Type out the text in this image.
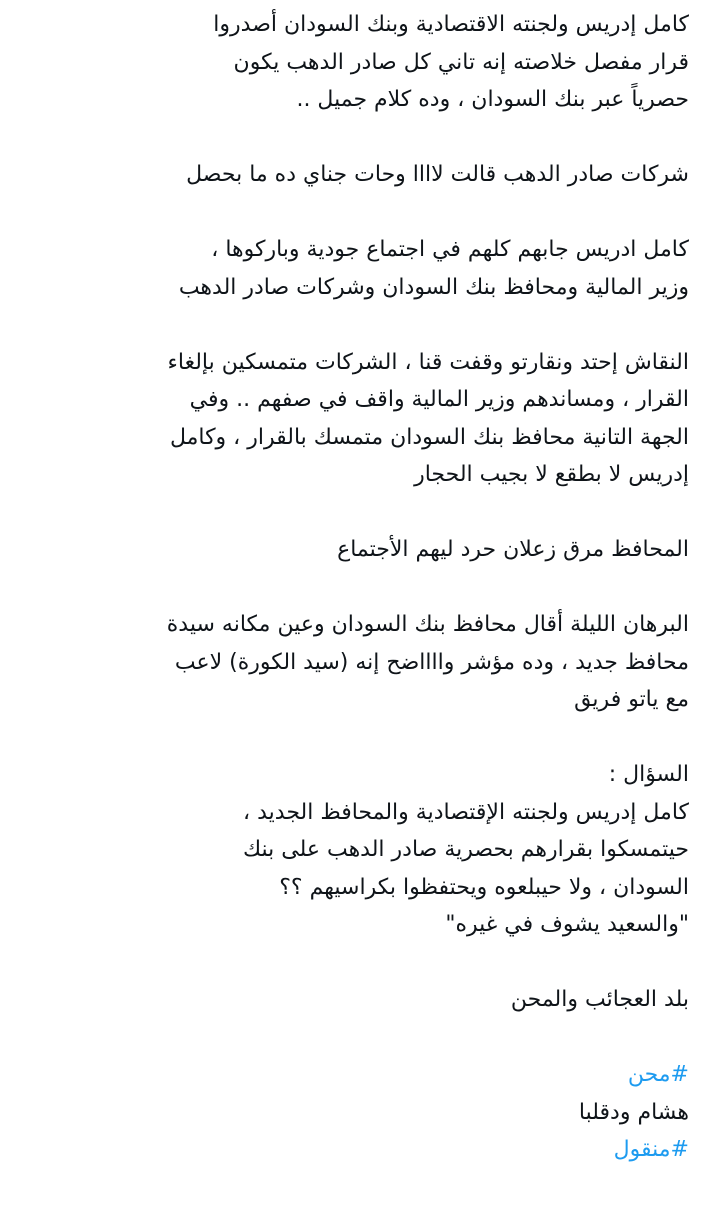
كامل إدريس ولجنته الاقتصادية وبنك السودان أصدروا
قرار مفصل خلاصته إنه تاني كل صادر الدهب يكون
حصرياً عبر بنك السودان ، وده كلام جميل ..
شركات صادر الدهب قالت لاااا وحات جناي ده ما بحصل
كامل ادريس جابهم كلهم في اجتماع جودية وباركوها ،
وزير المالية ومحافظ بنك السودان وشركات صادر الدهب
النقاش إحتد ونقارتو وقفت قنا ، الشركات متمسكين بإلغاء
القرار ، ومساندهم وزير المالية واقف في صفهم .. وفي
الجهة التانية محافظ بنك السودان متمسك بالقرار ، وكامل
إدريس لا بطقع لا بجيب الحجار
المحافظ مرق زعلان حرد ليهم الأجتماع
البرهان الليلة أقال محافظ بنك السودان وعين مكانه سيدة
محافظ جديد ، وده مؤشر وااااضح إنه (سيد الكورة) لاعب
مع ياتو فريق
السؤال :
كامل إدريس ولجنته الإقتصادية والمحافظ الجديد ،
حيتمسكوا بقرارهم بحصرية صادر الدهب على بنك
السودان ، ولا حيبلعوه ويحتفظوا بكراسيهم ؟؟
"والسعيد يشوف في غيره"
بلد العجائب والمحن
#محن
هشام ودقلبا
#منقول
